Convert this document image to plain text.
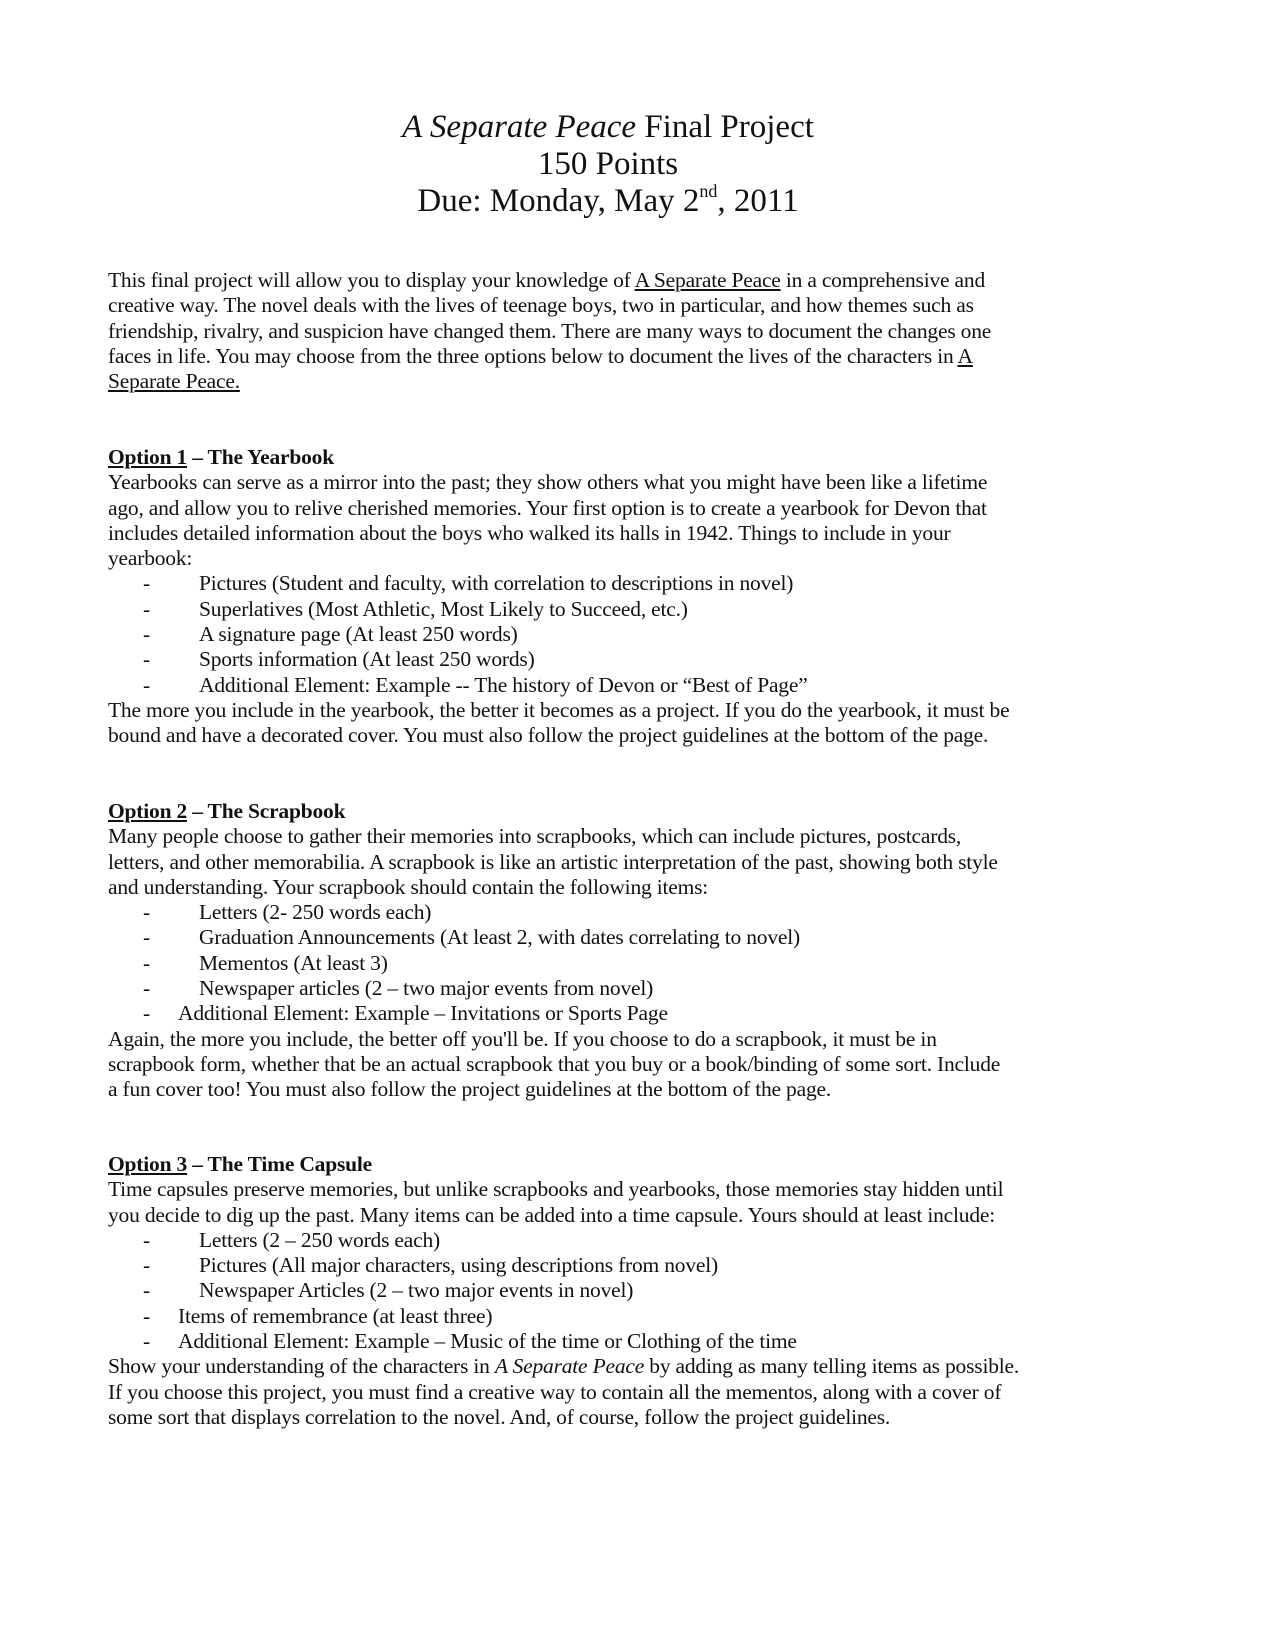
A Separate Peace Final Project
150 Points
Due: Monday, May 2nd, 2011
This final project will allow you to display your knowledge of A Separate Peace in a comprehensive and
creative way. The novel deals with the lives of teenage boys, two in particular, and how themes such as
friendship, rivalry, and suspicion have changed them. There are many ways to document the changes one
faces in life. You may choose from the three options below to document the lives of the characters in A
Separate Peace.
Option 1 – The Yearbook
Yearbooks can serve as a mirror into the past; they show others what you might have been like a lifetime
ago, and allow you to relive cherished memories. Your first option is to create a yearbook for Devon that
includes detailed information about the boys who walked its halls in 1942. Things to include in your
yearbook:
- Pictures (Student and faculty, with correlation to descriptions in novel)
- Superlatives (Most Athletic, Most Likely to Succeed, etc.)
- A signature page (At least 250 words)
- Sports information (At least 250 words)
- Additional Element: Example -- The history of Devon or “Best of Page”
The more you include in the yearbook, the better it becomes as a project. If you do the yearbook, it must be
bound and have a decorated cover. You must also follow the project guidelines at the bottom of the page.
Option 2 – The Scrapbook
Many people choose to gather their memories into scrapbooks, which can include pictures, postcards,
letters, and other memorabilia. A scrapbook is like an artistic interpretation of the past, showing both style
and understanding. Your scrapbook should contain the following items:
- Letters (2- 250 words each)
- Graduation Announcements (At least 2, with dates correlating to novel)
- Mementos (At least 3)
- Newspaper articles (2 – two major events from novel)
- Additional Element: Example – Invitations or Sports Page
Again, the more you include, the better off you'll be. If you choose to do a scrapbook, it must be in
scrapbook form, whether that be an actual scrapbook that you buy or a book/binding of some sort. Include
a fun cover too! You must also follow the project guidelines at the bottom of the page.
Option 3 – The Time Capsule
Time capsules preserve memories, but unlike scrapbooks and yearbooks, those memories stay hidden until
you decide to dig up the past. Many items can be added into a time capsule. Yours should at least include:
- Letters (2 – 250 words each)
- Pictures (All major characters, using descriptions from novel)
- Newspaper Articles (2 – two major events in novel)
- Items of remembrance (at least three)
- Additional Element: Example – Music of the time or Clothing of the time
Show your understanding of the characters in A Separate Peace by adding as many telling items as possible.
If you choose this project, you must find a creative way to contain all the mementos, along with a cover of
some sort that displays correlation to the novel. And, of course, follow the project guidelines.
